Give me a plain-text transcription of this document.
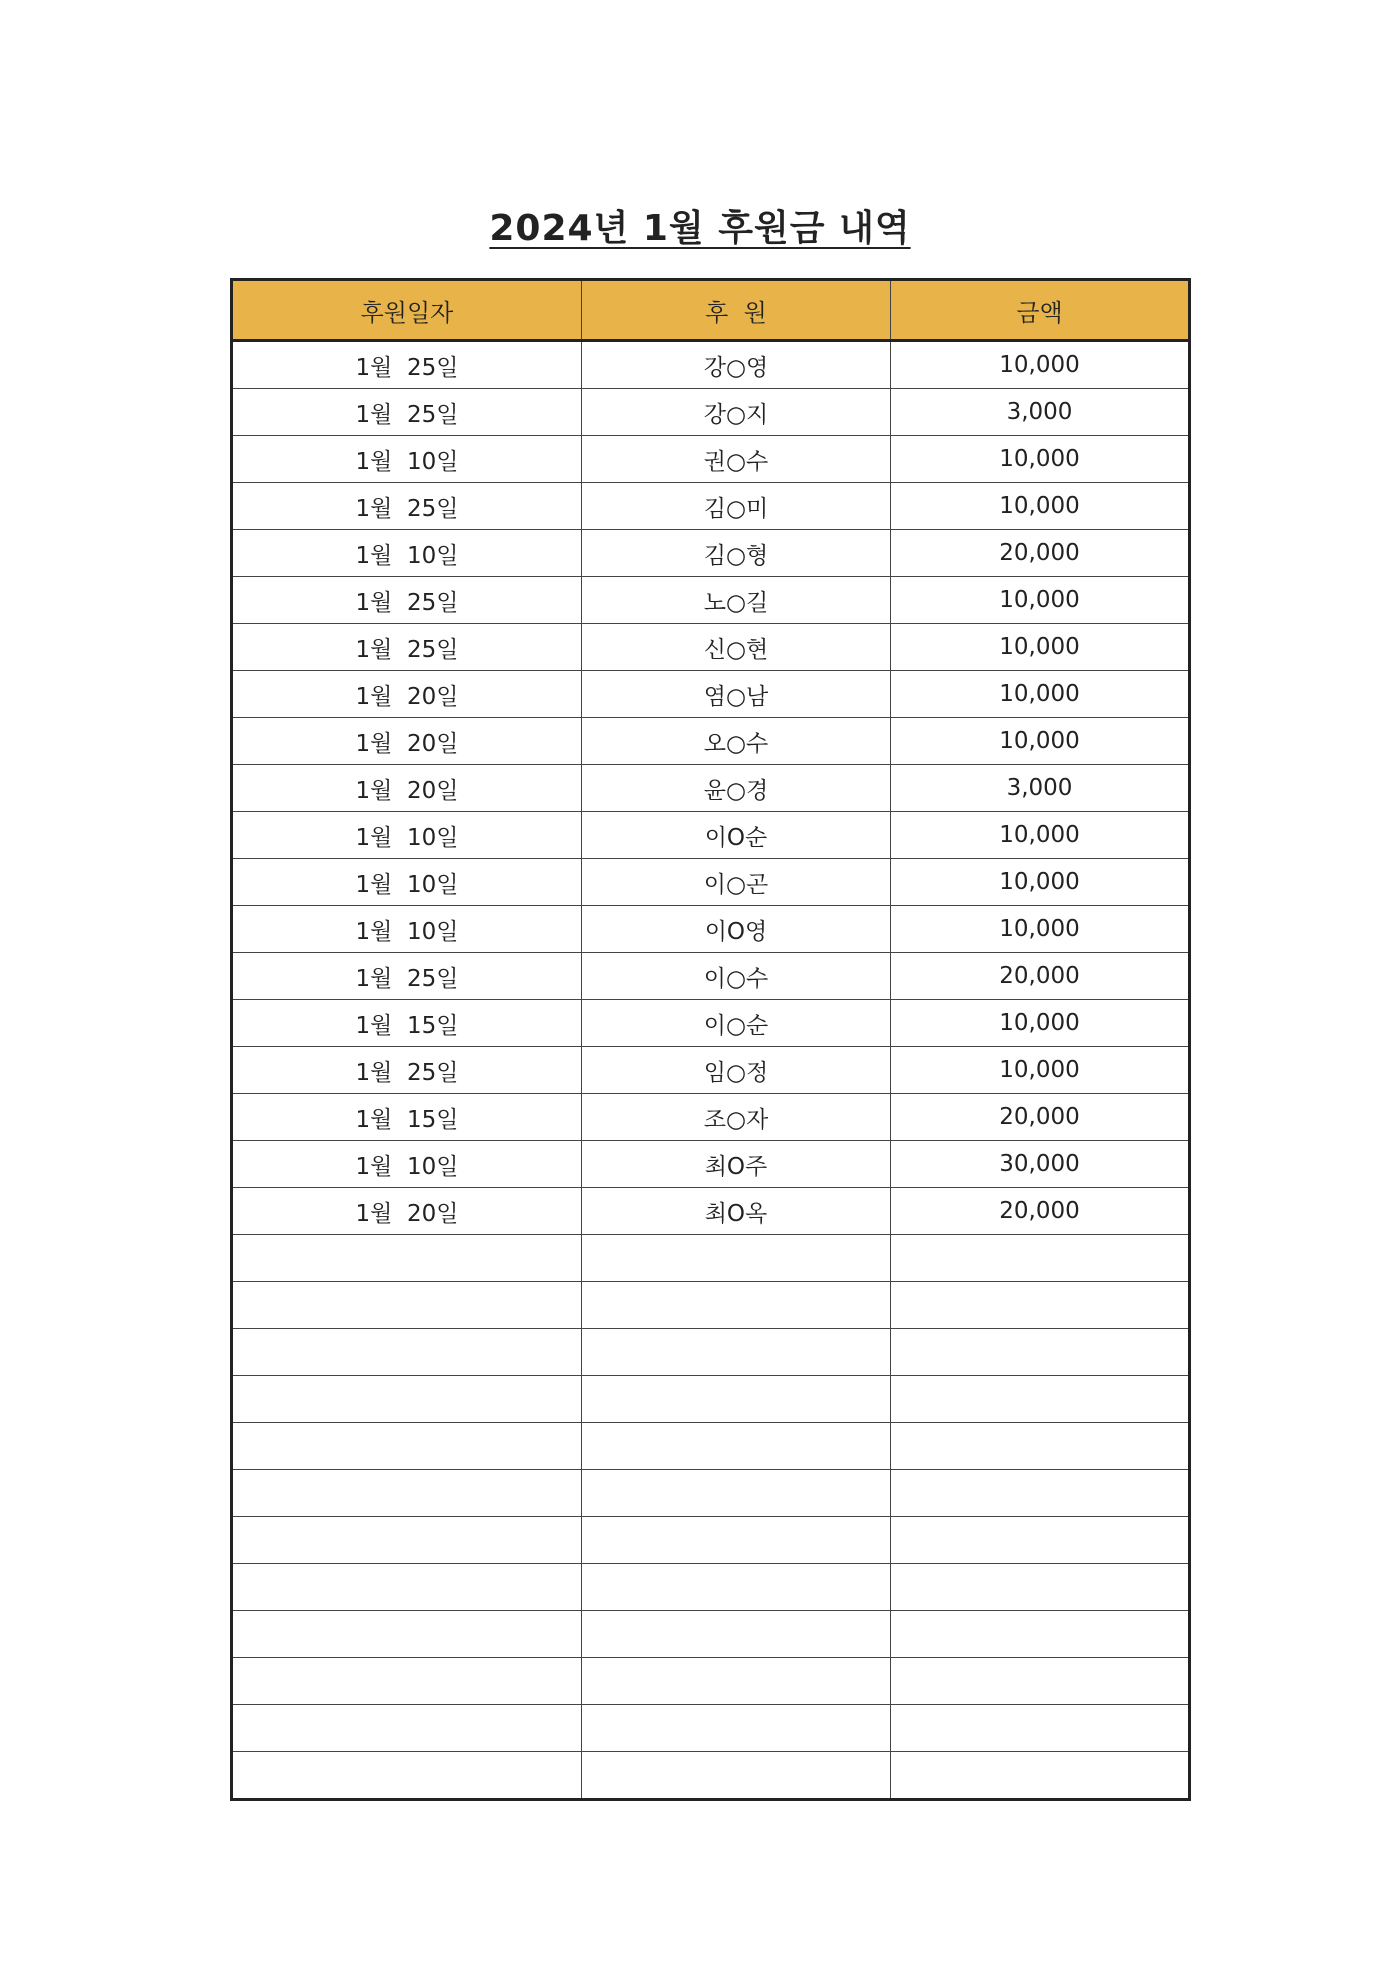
2024년 1월 후원금 내역
후원일자	후  원	금액
1월  25일	강○영	10,000
1월  25일	강○지	3,000
1월  10일	권○수	10,000
1월  25일	김○미	10,000
1월  10일	김○형	20,000
1월  25일	노○길	10,000
1월  25일	신○현	10,000
1월  20일	염○남	10,000
1월  20일	오○수	10,000
1월  20일	윤○경	3,000
1월  10일	이O순	10,000
1월  10일	이○곤	10,000
1월  10일	이O영	10,000
1월  25일	이○수	20,000
1월  15일	이○순	10,000
1월  25일	임○정	10,000
1월  15일	조○자	20,000
1월  10일	최O주	30,000
1월  20일	최O옥	20,000
